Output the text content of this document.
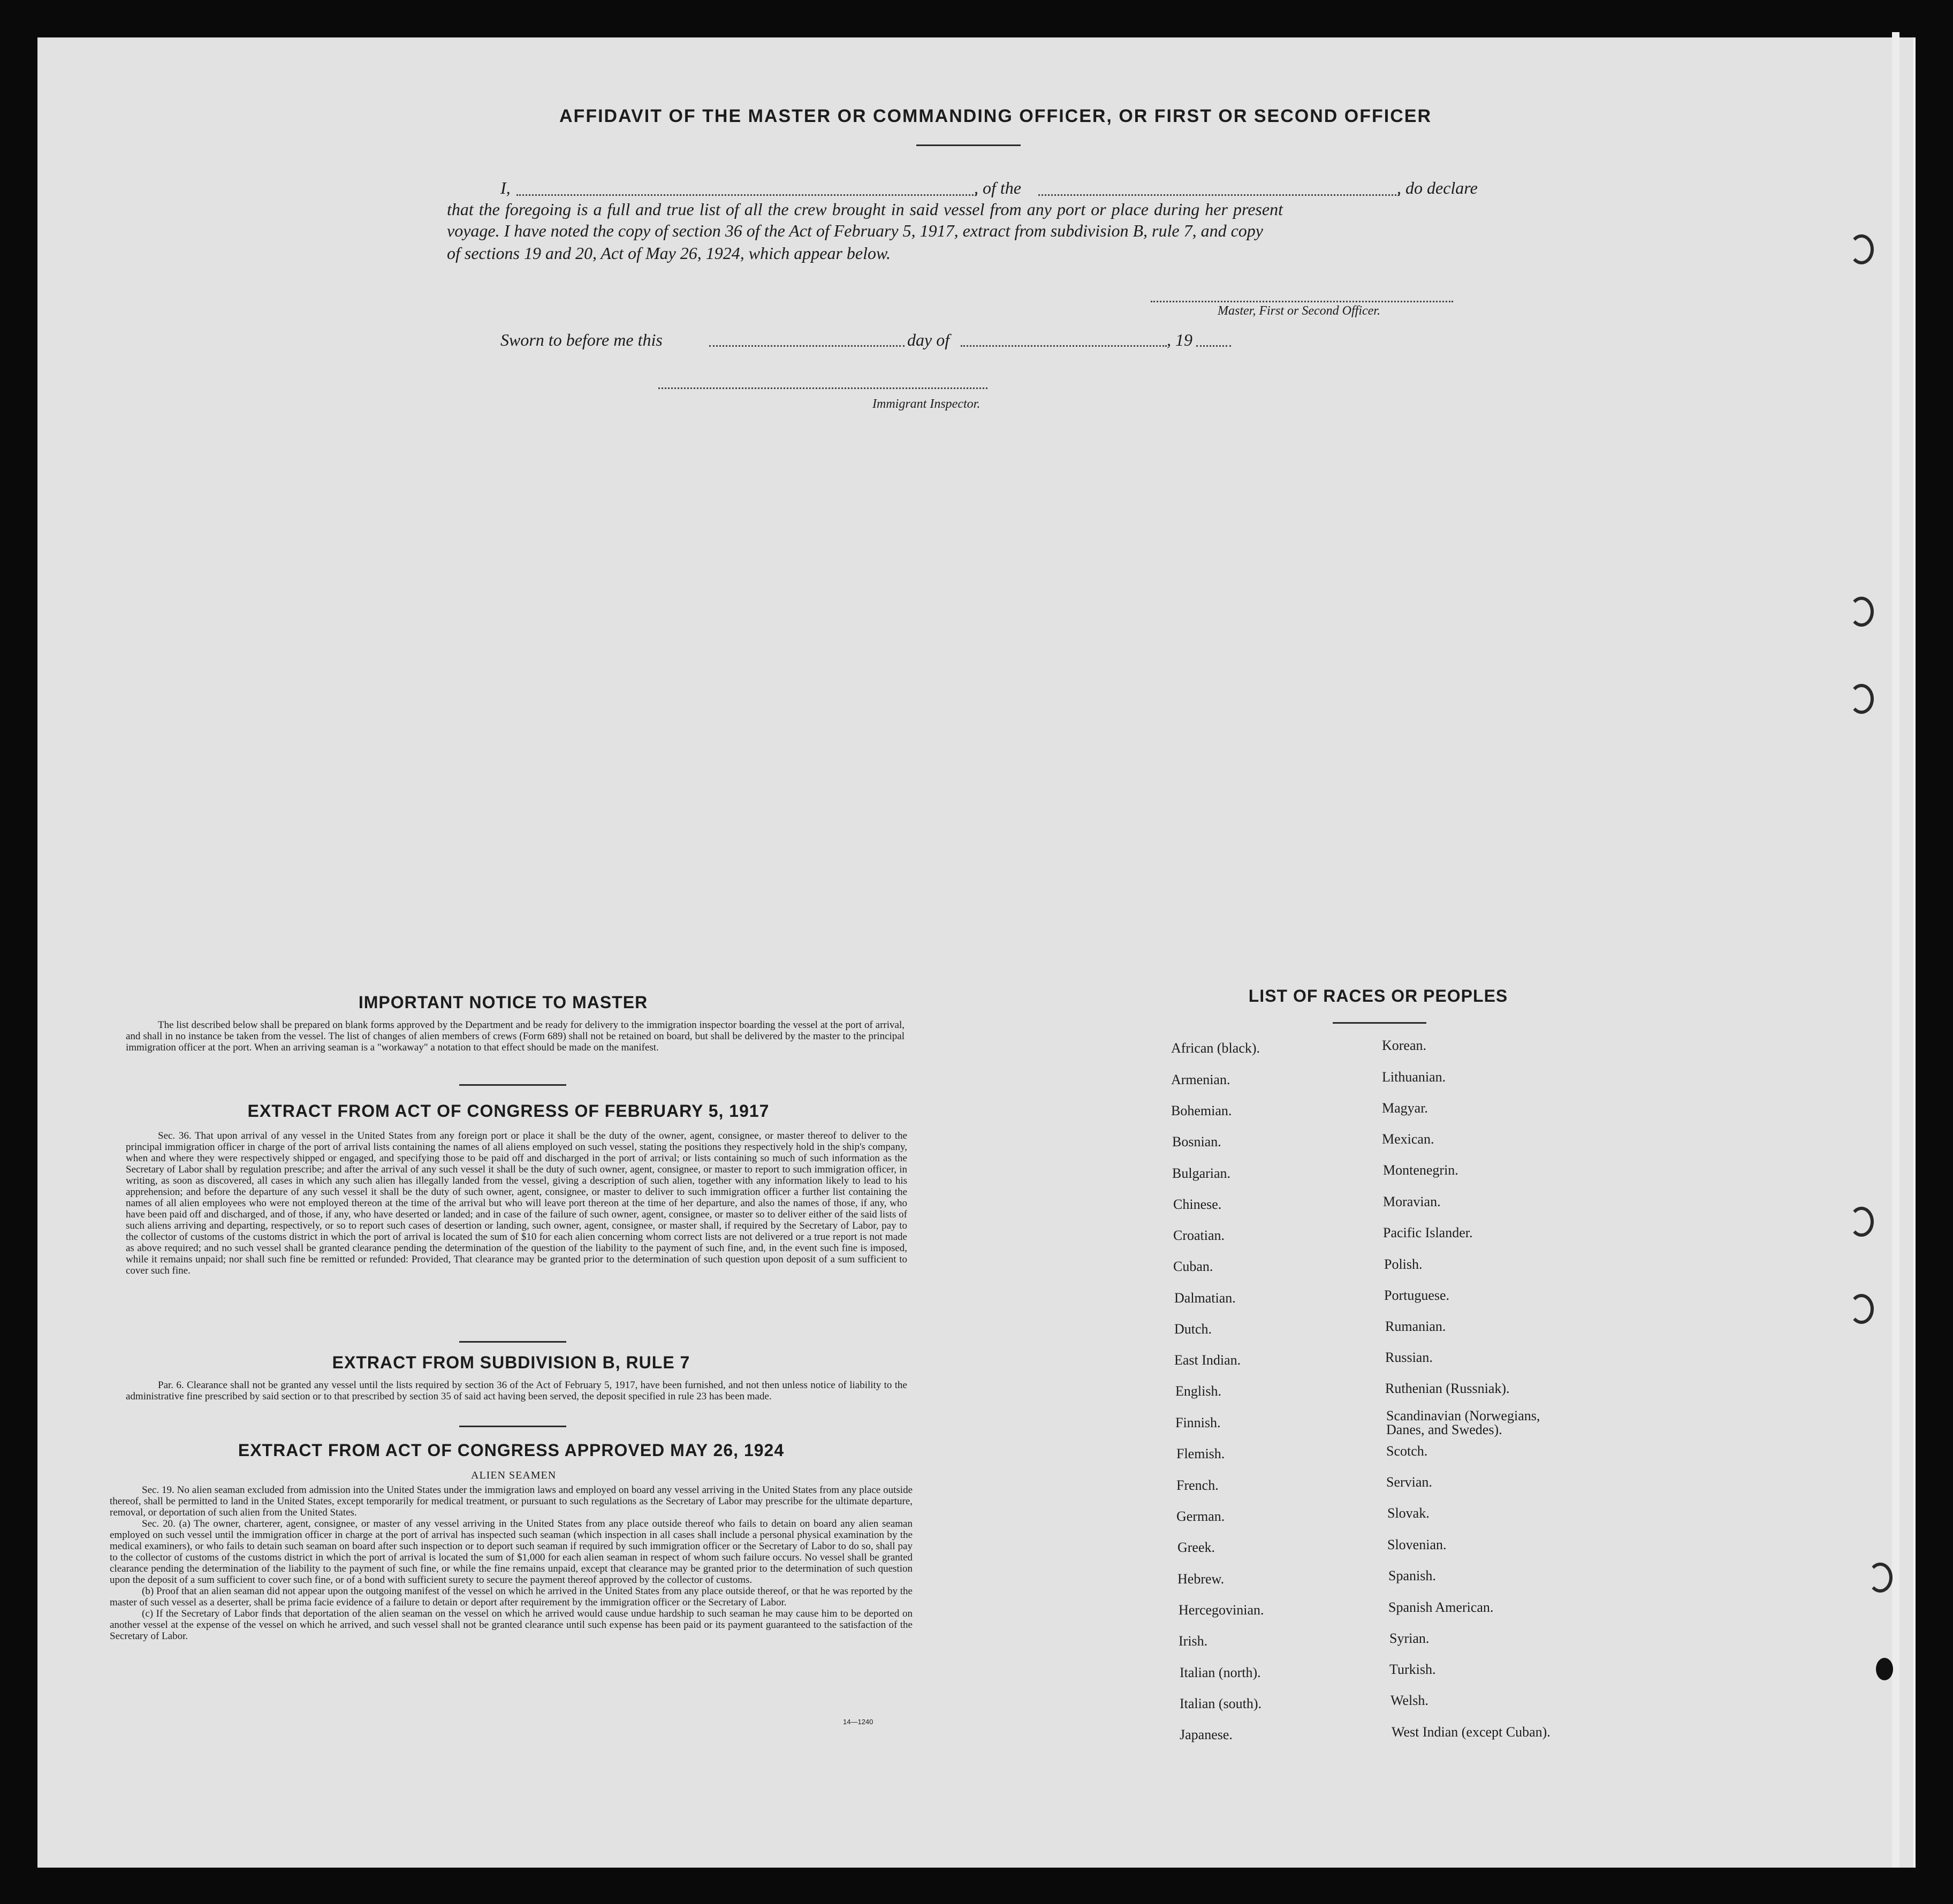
AFFIDAVIT OF THE MASTER OR COMMANDING OFFICER, OR FIRST OR SECOND OFFICER
I,	, of the	, do declare
that the foregoing is a full and true list of all the crew brought in said vessel from any port or place during her present
voyage. I have noted the copy of section 36 of the Act of February 5, 1917, extract from subdivision B, rule 7, and copy
of sections 19 and 20, Act of May 26, 1924, which appear below.
Master, First or Second Officer.
Sworn to before me this	day of	, 19
Immigrant Inspector.
IMPORTANT NOTICE TO MASTER

The list described below shall be prepared on blank forms approved by the Department and be ready for delivery to the immigration inspector boarding the vessel at the port of arrival, and shall in no instance be taken from the vessel. The list of changes of alien members of crews (Form 689) shall not be retained on board, but shall be delivered by the master to the principal immigration officer at the port. When an arriving seaman is a "workaway" a notation to that effect should be made on the manifest.

EXTRACT FROM ACT OF CONGRESS OF FEBRUARY 5, 1917

Sec. 36. That upon arrival of any vessel in the United States from any foreign port or place it shall be the duty of the owner, agent, consignee, or master thereof to deliver to the principal immigration officer in charge of the port of arrival lists containing the names of all aliens employed on such vessel, stating the positions they respectively hold in the ship's company, when and where they were respectively shipped or engaged, and specifying those to be paid off and discharged in the port of arrival; or lists containing so much of such information as the Secretary of Labor shall by regulation prescribe; and after the arrival of any such vessel it shall be the duty of such owner, agent, consignee, or master to report to such immigration officer, in writing, as soon as discovered, all cases in which any such alien has illegally landed from the vessel, giving a description of such alien, together with any information likely to lead to his apprehension; and before the departure of any such vessel it shall be the duty of such owner, agent, consignee, or master to deliver to such immigration officer a further list containing the names of all alien employees who were not employed thereon at the time of the arrival but who will leave port thereon at the time of her departure, and also the names of those, if any, who have been paid off and discharged, and of those, if any, who have deserted or landed; and in case of the failure of such owner, agent, consignee, or master so to deliver either of the said lists of such aliens arriving and departing, respectively, or so to report such cases of desertion or landing, such owner, agent, consignee, or master shall, if required by the Secretary of Labor, pay to the collector of customs of the customs district in which the port of arrival is located the sum of $10 for each alien concerning whom correct lists are not delivered or a true report is not made as above required; and no such vessel shall be granted clearance pending the determination of the question of the liability to the payment of such fine, and, in the event such fine is imposed, while it remains unpaid; nor shall such fine be remitted or refunded: Provided, That clearance may be granted prior to the determination of such question upon deposit of a sum sufficient to cover such fine.

EXTRACT FROM SUBDIVISION B, RULE 7

Par. 6. Clearance shall not be granted any vessel until the lists required by section 36 of the Act of February 5, 1917, have been furnished, and not then unless notice of liability to the administrative fine prescribed by said section or to that prescribed by section 35 of said act having been served, the deposit specified in rule 23 has been made.

EXTRACT FROM ACT OF CONGRESS APPROVED MAY 26, 1924
ALIEN SEAMEN

Sec. 19. No alien seaman excluded from admission into the United States under the immigration laws and employed on board any vessel arriving in the United States from any place outside thereof, shall be permitted to land in the United States, except temporarily for medical treatment, or pursuant to such regulations as the Secretary of Labor may prescribe for the ultimate departure, removal, or deportation of such alien from the United States.

Sec. 20. (a) The owner, charterer, agent, consignee, or master of any vessel arriving in the United States from any place outside thereof who fails to detain on board any alien seaman employed on such vessel until the immigration officer in charge at the port of arrival has inspected such seaman (which inspection in all cases shall include a personal physical examination by the medical examiners), or who fails to detain such seaman on board after such inspection or to deport such seaman if required by such immigration officer or the Secretary of Labor to do so, shall pay to the collector of customs of the customs district in which the port of arrival is located the sum of $1,000 for each alien seaman in respect of whom such failure occurs. No vessel shall be granted clearance pending the determination of the liability to the payment of such fine, or while the fine remains unpaid, except that clearance may be granted prior to the determination of such question upon the deposit of a sum sufficient to cover such fine, or of a bond with sufficient surety to secure the payment thereof approved by the collector of customs.

(b) Proof that an alien seaman did not appear upon the outgoing manifest of the vessel on which he arrived in the United States from any place outside thereof, or that he was reported by the master of such vessel as a deserter, shall be prima facie evidence of a failure to detain or deport after requirement by the immigration officer or the Secretary of Labor.

(c) If the Secretary of Labor finds that deportation of the alien seaman on the vessel on which he arrived would cause undue hardship to such seaman he may cause him to be deported on another vessel at the expense of the vessel on which he arrived, and such vessel shall not be granted clearance until such expense has been paid or its payment guaranteed to the satisfaction of the Secretary of Labor.

14—1240
LIST OF RACES OR PEOPLES
African (black).
Armenian.
Bohemian.
Bosnian.
Bulgarian.
Chinese.
Croatian.
Cuban.
Dalmatian.
Dutch.
East Indian.
English.
Finnish.
Flemish.
French.
German.
Greek.
Hebrew.
Hercegovinian.
Irish.
Italian (north).
Italian (south).
Japanese.
Korean.
Lithuanian.
Magyar.
Mexican.
Montenegrin.
Moravian.
Pacific Islander.
Polish.
Portuguese.
Rumanian.
Russian.
Ruthenian (Russniak).
Scandinavian (Norwegians, Danes, and Swedes).
Scotch.
Servian.
Slovak.
Slovenian.
Spanish.
Spanish American.
Syrian.
Turkish.
Welsh.
West Indian (except Cuban).
